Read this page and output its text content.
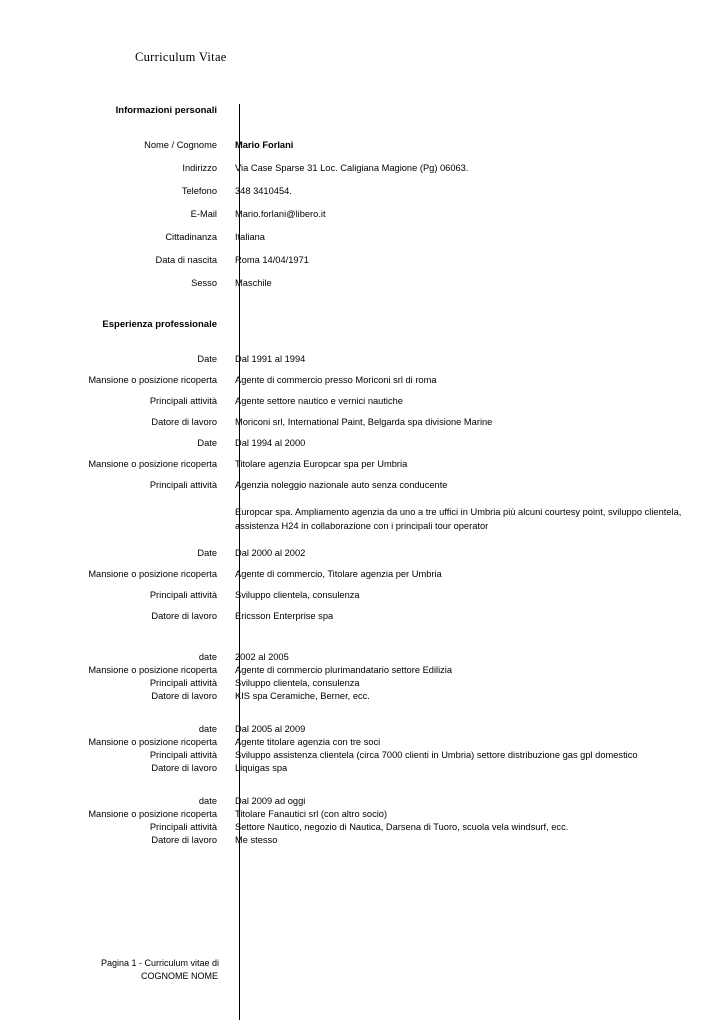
Curriculum Vitae
Informazioni personali
Nome / Cognome	Mario Forlani
Indirizzo	Via Case Sparse 31 Loc. Caligiana Magione (Pg) 06063.
Telefono	348 3410454.
E-Mail	Mario.forlani@libero.it
Cittadinanza	Italiana
Data di nascita	Roma 14/04/1971
Sesso	Maschile
Esperienza professionale
Date	Dal 1991 al 1994
Mansione o posizione ricoperta	Agente di commercio presso Moriconi srl di roma
Principali attività	Agente settore nautico e vernici nautiche
Datore di lavoro	Moriconi srl, International Paint, Belgarda spa divisione Marine
Date	Dal 1994 al 2000
Mansione o posizione ricoperta	Titolare agenzia Europcar spa per Umbria
Principali attività	Agenzia noleggio nazionale auto senza conducente
Europcar spa. Ampliamento agenzia da uno a tre uffici in Umbria più alcuni courtesy point, sviluppo clientela, assistenza H24 in collaborazione con i principali tour operator
Date	Dal 2000 al 2002
Mansione o posizione ricoperta	Agente di commercio, Titolare agenzia per Umbria
Principali attività	Sviluppo clientela, consulenza
Datore di lavoro	Ericsson Enterprise spa
date	2002 al 2005
Mansione o posizione ricoperta	Agente di commercio plurimandatario settore Edilizia
Principali attività	Sviluppo clientela, consulenza
Datore di lavoro	KIS spa Ceramiche, Berner, ecc.
date	Dal 2005 al 2009
Mansione o posizione ricoperta	Agente titolare agenzia con tre soci
Principali attività	Sviluppo assistenza clientela (circa 7000 clienti in Umbria) settore distribuzione gas gpl domestico
Datore di lavoro	Liquigas spa
date	Dal 2009 ad oggi
Mansione o posizione ricoperta	Titolare Fanautici srl (con altro socio)
Principali attività	Settore Nautico, negozio di Nautica, Darsena di Tuoro, scuola vela windsurf, ecc.
Datore di lavoro	Me stesso
Pagina 1 - Curriculum vitae di
COGNOME NOME
